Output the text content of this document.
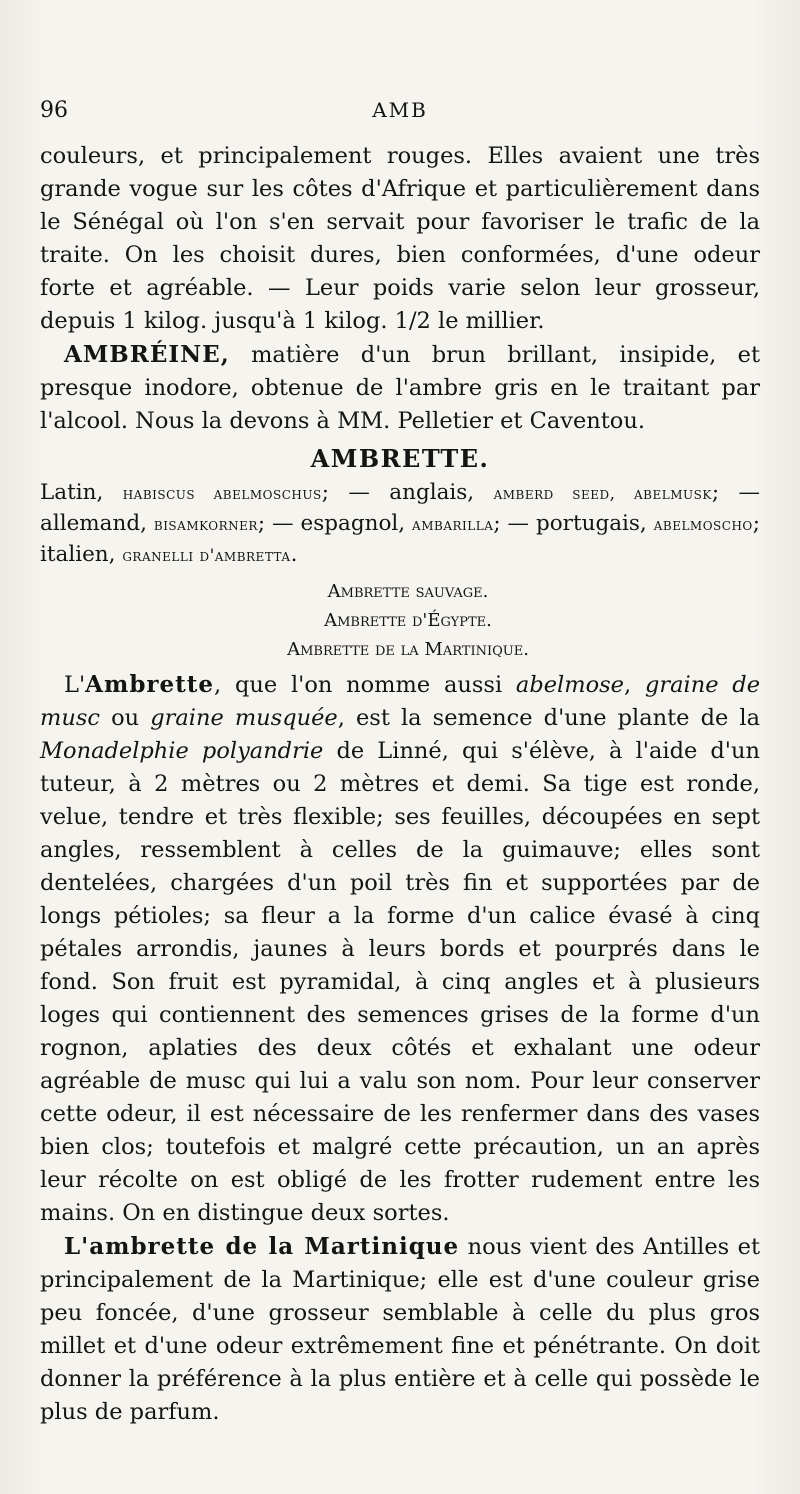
96	AMB

couleurs, et principalement rouges. Elles avaient une très grande vogue sur les côtes d'Afrique et particulièrement dans le Sénégal où l'on s'en servait pour favoriser le trafic de la traite. On les choisit dures, bien conformées, d'une odeur forte et agréable. — Leur poids varie selon leur grosseur, depuis 1 kilog. jusqu'à 1 kilog. 1/2 le millier.

AMBRÉINE, matière d'un brun brillant, insipide, et presque inodore, obtenue de l'ambre gris en le traitant par l'alcool. Nous la devons à MM. Pelletier et Caventou.

AMBRETTE.

Latin, habiscus abelmoschus; — anglais, amberd seed, abelmusk; — allemand, bisamkorner; — espagnol, ambarilla; — portugais, abelmoscho; italien, granelli d'ambretta.

Ambrette sauvage.
Ambrette d'Égypte.
Ambrette de la Martinique.

L'Ambrette, que l'on nomme aussi abelmose, graine de musc ou graine musquée, est la semence d'une plante de la Monadelphie polyandrie de Linné, qui s'élève, à l'aide d'un tuteur, à 2 mètres ou 2 mètres et demi. Sa tige est ronde, velue, tendre et très flexible; ses feuilles, découpées en sept angles, ressemblent à celles de la guimauve; elles sont dentelées, chargées d'un poil très fin et supportées par de longs pétioles; sa fleur a la forme d'un calice évasé à cinq pétales arrondis, jaunes à leurs bords et pourprés dans le fond. Son fruit est pyramidal, à cinq angles et à plusieurs loges qui contiennent des semences grises de la forme d'un rognon, aplaties des deux côtés et exhalant une odeur agréable de musc qui lui a valu son nom. Pour leur conserver cette odeur, il est nécessaire de les renfermer dans des vases bien clos; toutefois et malgré cette précaution, un an après leur récolte on est obligé de les frotter rudement entre les mains. On en distingue deux sortes.

L'ambrette de la Martinique nous vient des Antilles et principalement de la Martinique; elle est d'une couleur grise peu foncée, d'une grosseur semblable à celle du plus gros millet et d'une odeur extrêmement fine et pénétrante. On doit donner la préférence à la plus entière et à celle qui possède le plus de parfum.
